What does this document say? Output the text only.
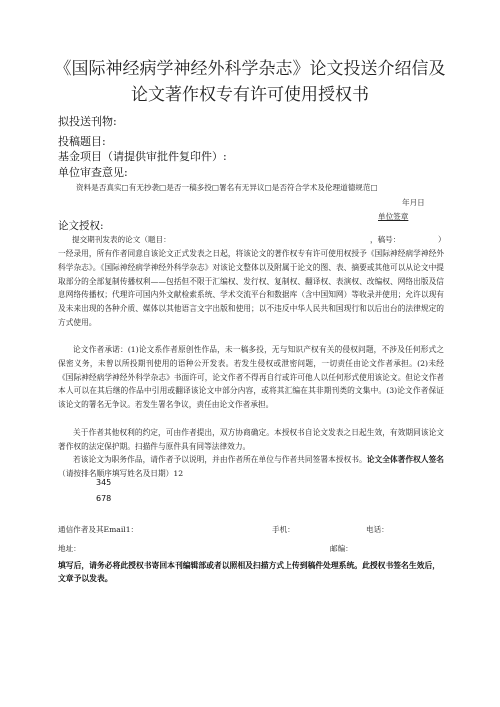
《国际神经病学神经外科学杂志》论文投送介绍信及
论文著作权专有许可使用授权书
拟投送刊物:
投稿题目:
基金项目（请提供审批件复印件）:
单位审查意见:
资料是否真实□有无抄袭□是否一稿多投□署名有无异议□是否符合学术及伦理道德规范□
年月日
单位签章
论文授权:
提交期刊发表的论文（题目：	，稿号：	）
一经录用，所有作者同意自该论文正式发表之日起，将该论文的著作权专有许可使用权授予《国际神经病学神经外科学杂志》。《国际神经病学神经外科学杂志》对该论文整体以及附属于论文的图、表、摘要或其他可以从论文中提取部分的全部复制传播权利——包括但不限于汇编权、发行权、复制权、翻译权、表演权、改编权、网络出版及信息网络传播权；代理许可国内外文献检索系统、学术交流平台和数据库（含中国知网）等收录并使用；允许以现有及未来出现的各种介质、媒体以其他语言文字出版和使用；以不违反中华人民共和国现行和以后出台的法律规定的方式使用。
论文作者承诺：(1)论文系作者原创性作品，未一稿多投，无与知识产权有关的侵权问题，不涉及任何形式之保密义务，未曾以所投期刊使用的语种公开发表。若发生侵权或泄密问题，一切责任由论文作者承担。(2)未经《国际神经病学神经外科学杂志》书面许可，论文作者不得再自行或许可他人以任何形式使用该论文。但论文作者本人可以在其后继的作品中引用或翻译该论文中部分内容，或将其汇编在其非期刊类的文集中。(3)论文作者保证该论文的署名无争议。若发生署名争议，责任由论文作者承担。
关于作者其他权利的约定，可由作者提出，双方协商确定。本授权书自论文发表之日起生效，有效期同该论文著作权的法定保护期。扫描件与原件具有同等法律效力。
若该论文为职务作品，请作者予以说明，并由作者所在单位与作者共同签署本授权书。论文全体著作权人签名（请按排名顺序填写姓名及日期）12
345
678
通信作者及其Email1：	手机：	电话：
地址：	邮编：
填写后，请务必将此授权书寄回本刊编辑部或者以照相及扫描方式上传到稿件处理系统。此授权书签名生效后，文章予以发表。
